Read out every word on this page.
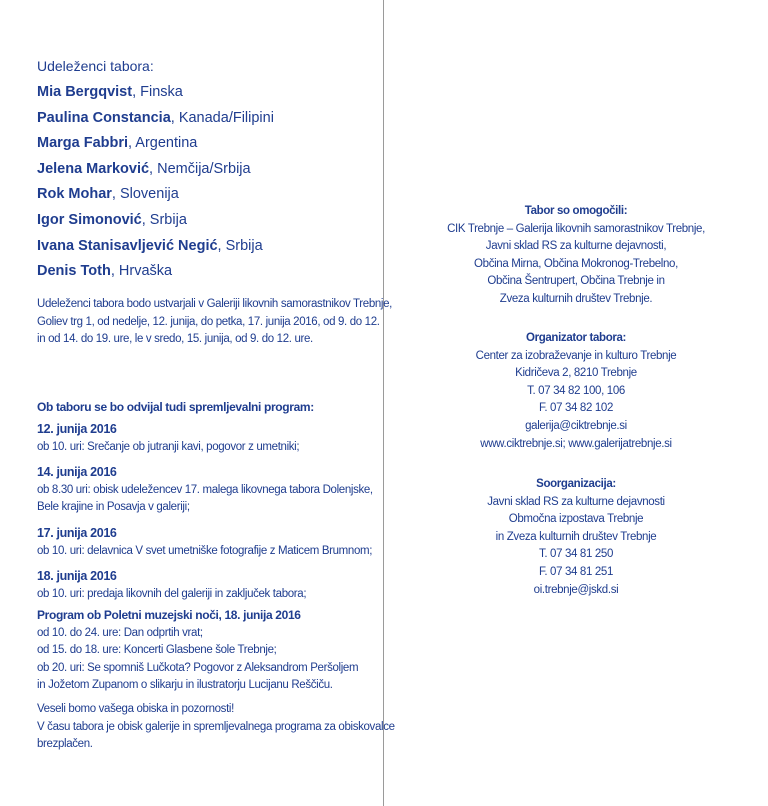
Udeleženci tabora:
Mia Bergqvist, Finska
Paulina Constancia, Kanada/Filipini
Marga Fabbri, Argentina
Jelena Marković, Nemčija/Srbija
Rok Mohar, Slovenija
Igor Simonović, Srbija
Ivana Stanisavljević Negić, Srbija
Denis Toth, Hrvaška
Udeleženci tabora bodo ustvarjali v Galeriji likovnih samorastnikov Trebnje,
Goliev trg 1, od nedelje, 12. junija, do petka, 17. junija 2016, od 9. do 12.
in od 14. do 19. ure, le v sredo, 15. junija, od 9. do 12. ure.
Ob taboru se bo odvijal tudi spremljevalni program:
12. junija 2016
ob 10. uri: Srečanje ob jutranji kavi, pogovor z umetniki;
14. junija 2016
ob 8.30 uri: obisk udeležencev 17. malega likovnega tabora Dolenjske,
Bele krajine in Posavja v galeriji;
17. junija 2016
ob 10. uri: delavnica V svet umetniške fotografije z Maticem Brumnom;
18. junija 2016
ob 10. uri: predaja likovnih del galeriji in zaključek tabora;
Program ob Poletni muzejski noči, 18. junija 2016
od 10. do 24. ure: Dan odprtih vrat;
od 15. do 18. ure: Koncerti Glasbene šole Trebnje;
ob 20. uri: Se spomniš Lučkota? Pogovor z Aleksandrom Peršoljem
in Jožetom Zupanom o slikarju in ilustratorju Lucijanu Reščiču.
Veseli bomo vašega obiska in pozornosti!
V času tabora je obisk galerije in spremljevalnega programa za obiskovalce
brezplačen.
Tabor so omogočili:
CIK Trebnje – Galerija likovnih samorastnikov Trebnje,
Javni sklad RS za kulturne dejavnosti,
Občina Mirna, Občina Mokronog-Trebelno,
Občina Šentrupert, Občina Trebnje in
Zveza kulturnih društev Trebnje.
Organizator tabora:
Center za izobraževanje in kulturo Trebnje
Kidričeva 2, 8210 Trebnje
T. 07 34 82 100, 106
F. 07 34 82 102
galerija@ciktrebnje.si
www.ciktrebnje.si; www.galerijatrebnje.si
Soorganizacija:
Javni sklad RS za kulturne dejavnosti
Območna izpostava Trebnje
in Zveza kulturnih društev Trebnje
T. 07 34 81 250
F. 07 34 81 251
oi.trebnje@jskd.si
